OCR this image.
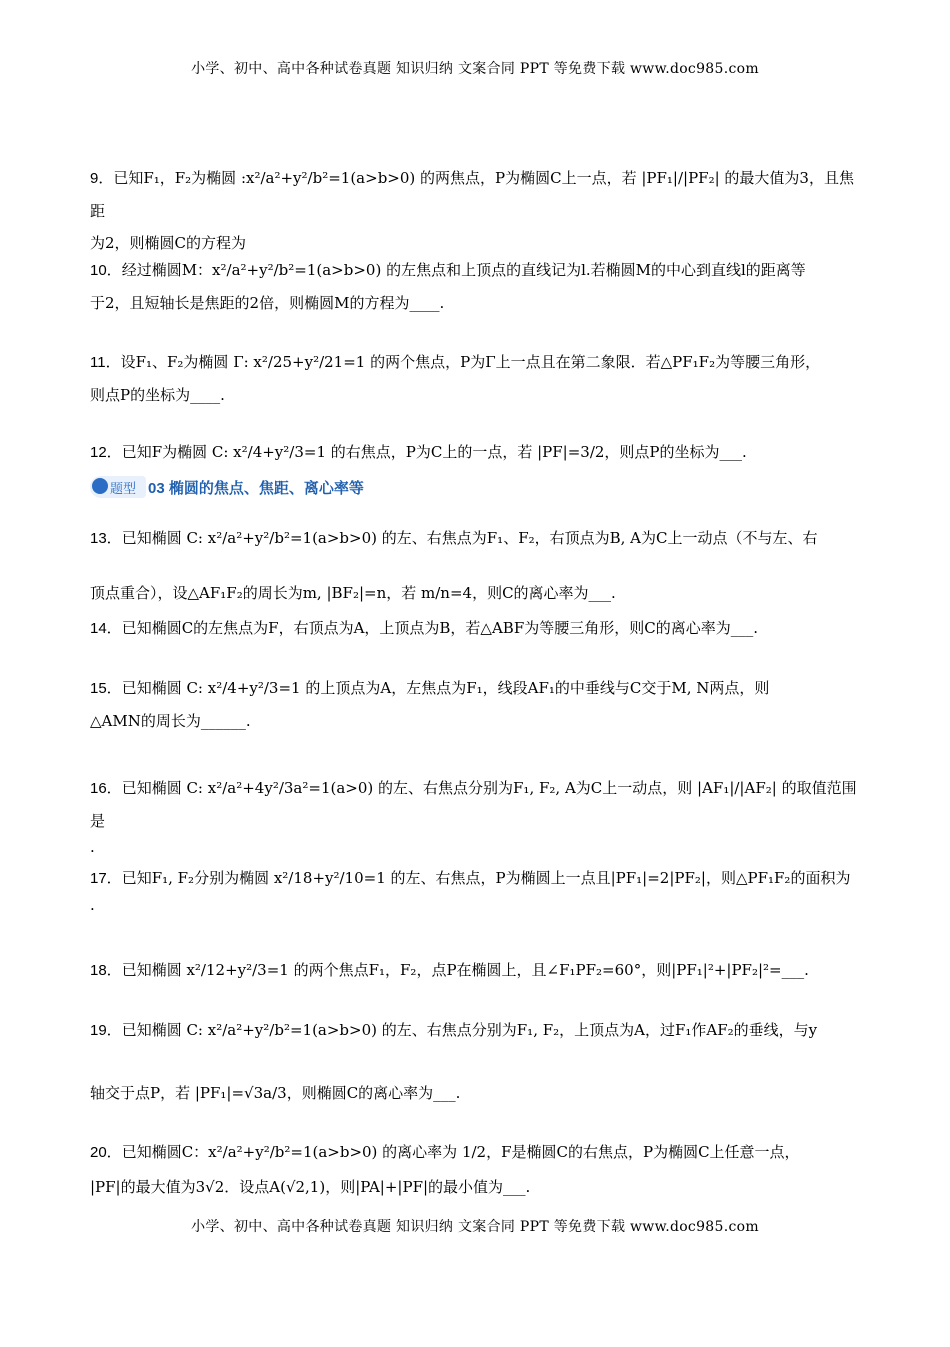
小学、初中、高中各种试卷真题 知识归纳 文案合同 PPT 等免费下载 www.doc985.com
9．已知F₁，F₂为椭圆 :x²/a²+y²/b²=1(a>b>0) 的两焦点，P为椭圆C上一点，若 |PF₁|/|PF₂| 的最大值为3，且焦距
为2，则椭圆C的方程为
10．经过椭圆M：x²/a²+y²/b²=1(a>b>0) 的左焦点和上顶点的直线记为l.若椭圆M的中心到直线l的距离等
于2，且短轴长是焦距的2倍，则椭圆M的方程为____.
11．设F₁、F₂为椭圆 Γ: x²/25+y²/21=1 的两个焦点，P为Γ上一点且在第二象限．若△PF₁F₂为等腰三角形，
则点P的坐标为____.
12．已知F为椭圆 C: x²/4+y²/3=1 的右焦点，P为C上的一点，若 |PF|=3/2，则点P的坐标为___.
题型 03 椭圆的焦点、焦距、离心率等
13．已知椭圆 C: x²/a²+y²/b²=1(a>b>0) 的左、右焦点为F₁、F₂，右顶点为B, A为C上一动点（不与左、右
顶点重合），设△AF₁F₂的周长为m, |BF₂|=n，若 m/n=4，则C的离心率为___.
14．已知椭圆C的左焦点为F，右顶点为A，上顶点为B，若△ABF为等腰三角形，则C的离心率为___.
15．已知椭圆 C: x²/4+y²/3=1 的上顶点为A，左焦点为F₁，线段AF₁的中垂线与C交于M, N两点，则
△AMN的周长为______.
16．已知椭圆 C: x²/a²+4y²/3a²=1(a>0) 的左、右焦点分别为F₁, F₂, A为C上一动点，则 |AF₁|/|AF₂| 的取值范围是
.
17．已知F₁, F₂分别为椭圆 x²/18+y²/10=1 的左、右焦点，P为椭圆上一点且|PF₁|=2|PF₂|，则△PF₁F₂的面积为
.
18．已知椭圆 x²/12+y²/3=1 的两个焦点F₁，F₂，点P在椭圆上，且∠F₁PF₂=60°，则|PF₁|²+|PF₂|²=___.
19．已知椭圆 C: x²/a²+y²/b²=1(a>b>0) 的左、右焦点分别为F₁, F₂，上顶点为A，过F₁作AF₂的垂线，与y
轴交于点P，若 |PF₁|=√3a/3，则椭圆C的离心率为___.
20．已知椭圆C：x²/a²+y²/b²=1(a>b>0) 的离心率为 1/2，F是椭圆C的右焦点，P为椭圆C上任意一点，
|PF|的最大值为3√2．设点A(√2,1)，则|PA|+|PF|的最小值为___.
小学、初中、高中各种试卷真题 知识归纳 文案合同 PPT 等免费下载 www.doc985.com
